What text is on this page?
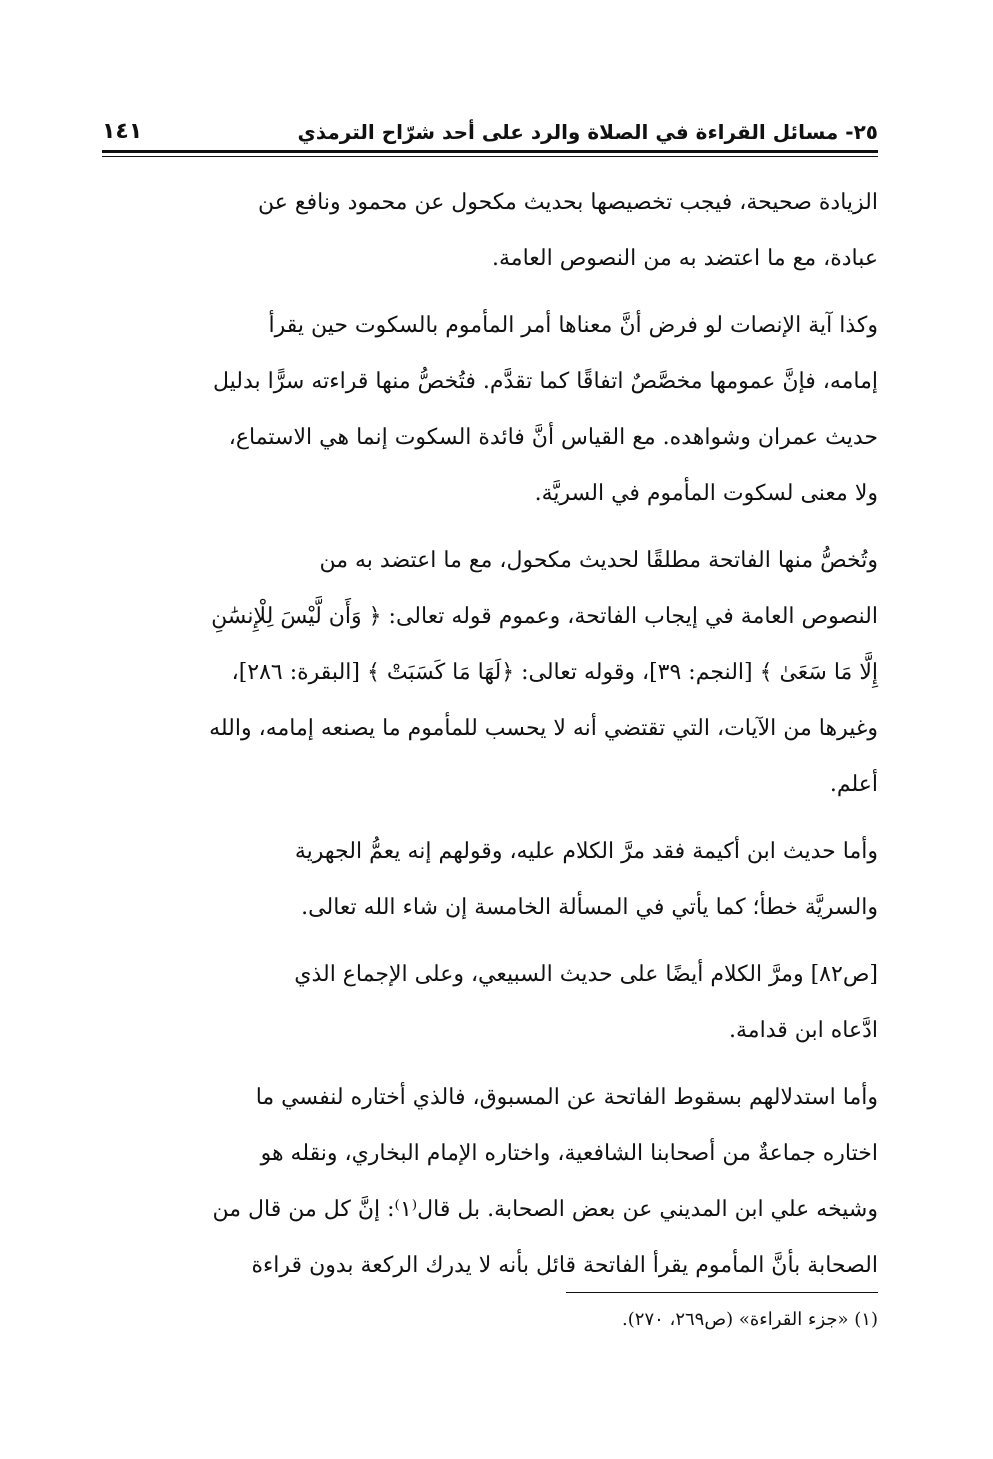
٢٥- مسائل القراءة في الصلاة والرد على أحد شرّاح الترمذي
١٤١

الزيادة صحيحة، فيجب تخصيصها بحديث مكحول عن محمود ونافع عن
عبادة، مع ما اعتضد به من النصوص العامة.

وكذا آية الإنصات لو فرض أنَّ معناها أمر المأموم بالسكوت حين يقرأ
إمامه، فإنَّ عمومها مخصَّصٌ اتفاقًا كما تقدَّم. فتُخصُّ منها قراءته سرًّا بدليل
حديث عمران وشواهده. مع القياس أنَّ فائدة السكوت إنما هي الاستماع،
ولا معنى لسكوت المأموم في السريَّة.

وتُخصُّ منها الفاتحة مطلقًا لحديث مكحول، مع ما اعتضد به من
النصوص العامة في إيجاب الفاتحة، وعموم قوله تعالى: ﴿ وَأَن لَّيْسَ لِلْإِنسَٰنِ
إِلَّا مَا سَعَىٰ ﴾ [النجم: ٣٩]، وقوله تعالى: ﴿لَهَا مَا كَسَبَتْ ﴾ [البقرة: ٢٨٦]،
وغيرها من الآيات، التي تقتضي أنه لا يحسب للمأموم ما يصنعه إمامه، والله
أعلم.

وأما حديث ابن أكيمة فقد مرَّ الكلام عليه، وقولهم إنه يعمُّ الجهرية
والسريَّة خطأ؛ كما يأتي في المسألة الخامسة إن شاء الله تعالى.

[ص٨٢] ومرَّ الكلام أيضًا على حديث السبيعي، وعلى الإجماع الذي
ادَّعاه ابن قدامة.

وأما استدلالهم بسقوط الفاتحة عن المسبوق، فالذي أختاره لنفسي ما
اختاره جماعةٌ من أصحابنا الشافعية، واختاره الإمام البخاري، ونقله هو
وشيخه علي ابن المديني عن بعض الصحابة. بل قال⁽١⁾: إنَّ كل من قال من
الصحابة بأنَّ المأموم يقرأ الفاتحة قائل بأنه لا يدرك الركعة بدون قراءة

(١) «جزء القراءة» (ص٢٦٩، ٢٧٠).
